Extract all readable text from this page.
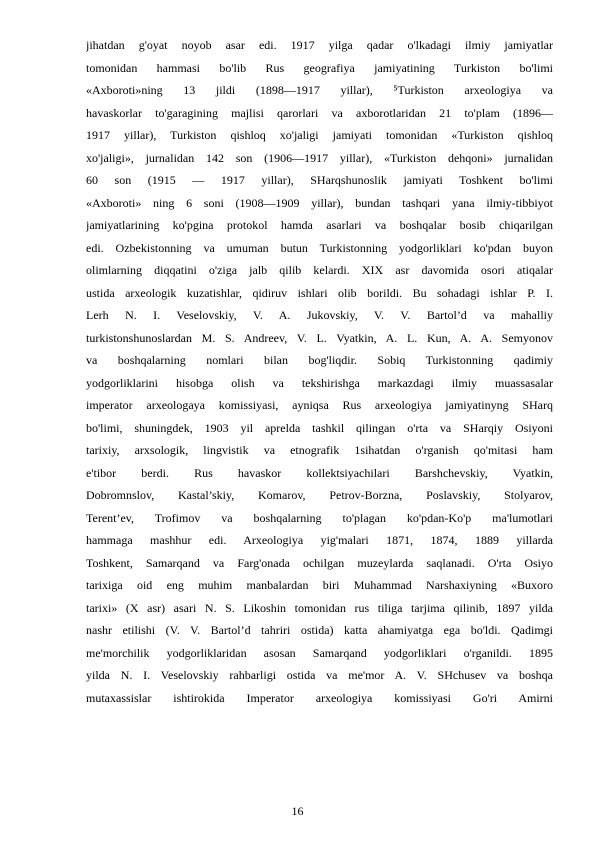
jihatdan g'oyat noyob asar edi. 1917 yilga qadar o'lkadagi ilmiy jamiyatlar
tomonidan hammasi bo'lib Rus geografiya jamiyatining Turkiston bo'limi
«Axboroti»ning 13 jildi (1898—1917 yillar), ⁵Turkiston arxeologiya va
havaskorlar to'garagining majlisi qarorlari va axborotlaridan 21 to'plam (1896—
1917 yillar), Turkiston qishloq xo'jaligi jamiyati tomonidan «Turkiston qishloq
xo'jaligi», jurnalidan 142 son (1906—1917 yillar), «Turkiston dehqoni» jurnalidan
60 son (1915 — 1917 yillar), SHarqshunoslik jamiyati Toshkent bo'limi
«Axboroti» ning 6 soni (1908—1909 yillar), bundan tashqari yana ilmiy-tibbiyot
jamiyatlarining ko'pgina protokol hamda asarlari va boshqalar bosib chiqarilgan
edi. Ozbekistonning va umuman butun Turkistonning yodgorliklari ko'pdan buyon
olimlarning diqqatini o'ziga jalb qilib kelardi. XIX asr davomida osori atiqalar
ustida arxeologik kuzatishlar, qidiruv ishlari olib borildi. Bu sohadagi ishlar P. I.
Lerh N. I. Veselovskiy, V. A. Jukovskiy, V. V. Bartol’d va mahalliy
turkistonshunoslardan M. S. Andreev, V. L. Vyatkin, A. L. Kun, A. A. Semyonov
va boshqalarning nomlari bilan bog'liqdir. Sobiq Turkistonning qadimiy
yodgorliklarini hisobga olish va tekshirishga markazdagi ilmiy muassasalar
imperator arxeologaya komissiyasi, ayniqsa Rus arxeologiya jamiyatinyng SHarq
bo'limi, shuningdek, 1903 yil aprelda tashkil qilingan o'rta va SHarqiy Osiyoni
tarixiy, arxsologik, lingvistik va etnografik 1sihatdan o'rganish qo'mitasi ham
e'tibor berdi. Rus havaskor kollektsiyachilari Barshchevskiy, Vyatkin,
Dobromnslov, Kastal’skiy, Komarov, Petrov-Borzna, Poslavskiy, Stolyarov,
Terent’ev, Trofimov va boshqalarning to'plagan ko'pdan-Ko'p ma'lumotlari
hammaga mashhur edi. Arxeologiya yig'malari 1871, 1874, 1889 yillarda
Toshkent, Samarqand va Farg'onada ochilgan muzeylarda saqlanadi. O'rta Osiyo
tarixiga oid eng muhim manbalardan biri Muhammad Narshaxiyning «Buxoro
tarixi» (X asr) asari N. S. Likoshin tomonidan rus tiliga tarjima qilinib, 1897 yilda
nashr etilishi (V. V. Bartol’d tahriri ostida) katta ahamiyatga ega bo'ldi. Qadimgi
me'morchilik yodgorliklaridan asosan Samarqand yodgorliklari o'rganildi. 1895
yilda N. I. Veselovskiy rahbarligi ostida va me'mor A. V. SHchusev va boshqa
mutaxassislar ishtirokida Imperator arxeologiya komissiyasi Go'ri Amirni
16
